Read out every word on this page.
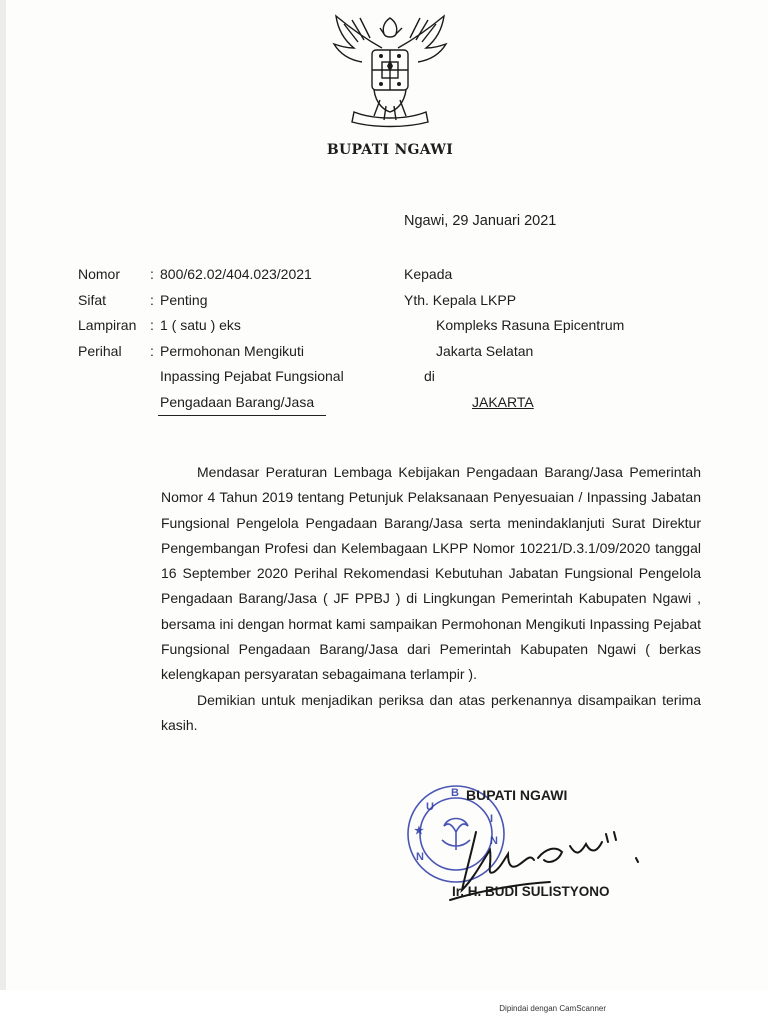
BUPATI NGAWI
Ngawi, 29 Januari 2021
Nomor	: 800/62.02/404.023/2021
Sifat	: Penting
Lampiran : 1 ( satu ) eks
Perihal	: Permohonan Mengikuti
Inpassing Pejabat Fungsional
Pengadaan Barang/Jasa
Kepada
Yth. Kepala LKPP
Kompleks Rasuna Epicentrum
Jakarta Selatan
di
JAKARTA

Mendasar Peraturan Lembaga Kebijakan Pengadaan Barang/Jasa Pemerintah Nomor 4 Tahun 2019 tentang Petunjuk Pelaksanaan Penyesuaian / Inpassing Jabatan Fungsional Pengelola Pengadaan Barang/Jasa serta menindaklanjuti Surat Direktur Pengembangan Profesi dan Kelembagaan LKPP Nomor 10221/D.3.1/09/2020 tanggal 16 September 2020 Perihal Rekomendasi Kebutuhan Jabatan Fungsional Pengelola Pengadaan Barang/Jasa ( JF PPBJ ) di Lingkungan Pemerintah Kabupaten Ngawi , bersama ini dengan hormat kami sampaikan Permohonan Mengikuti Inpassing Pejabat Fungsional Pengadaan Barang/Jasa dari Pemerintah Kabupaten Ngawi ( berkas kelengkapan persyaratan sebagaimana terlampir ).

Demikian untuk menjadikan periksa dan atas perkenannya disampaikan terima kasih.

B
U
★
I
N
N
BUPATI NGAWI
Ir. H. BUDI SULISTYONO
Dipindai dengan CamScanner
